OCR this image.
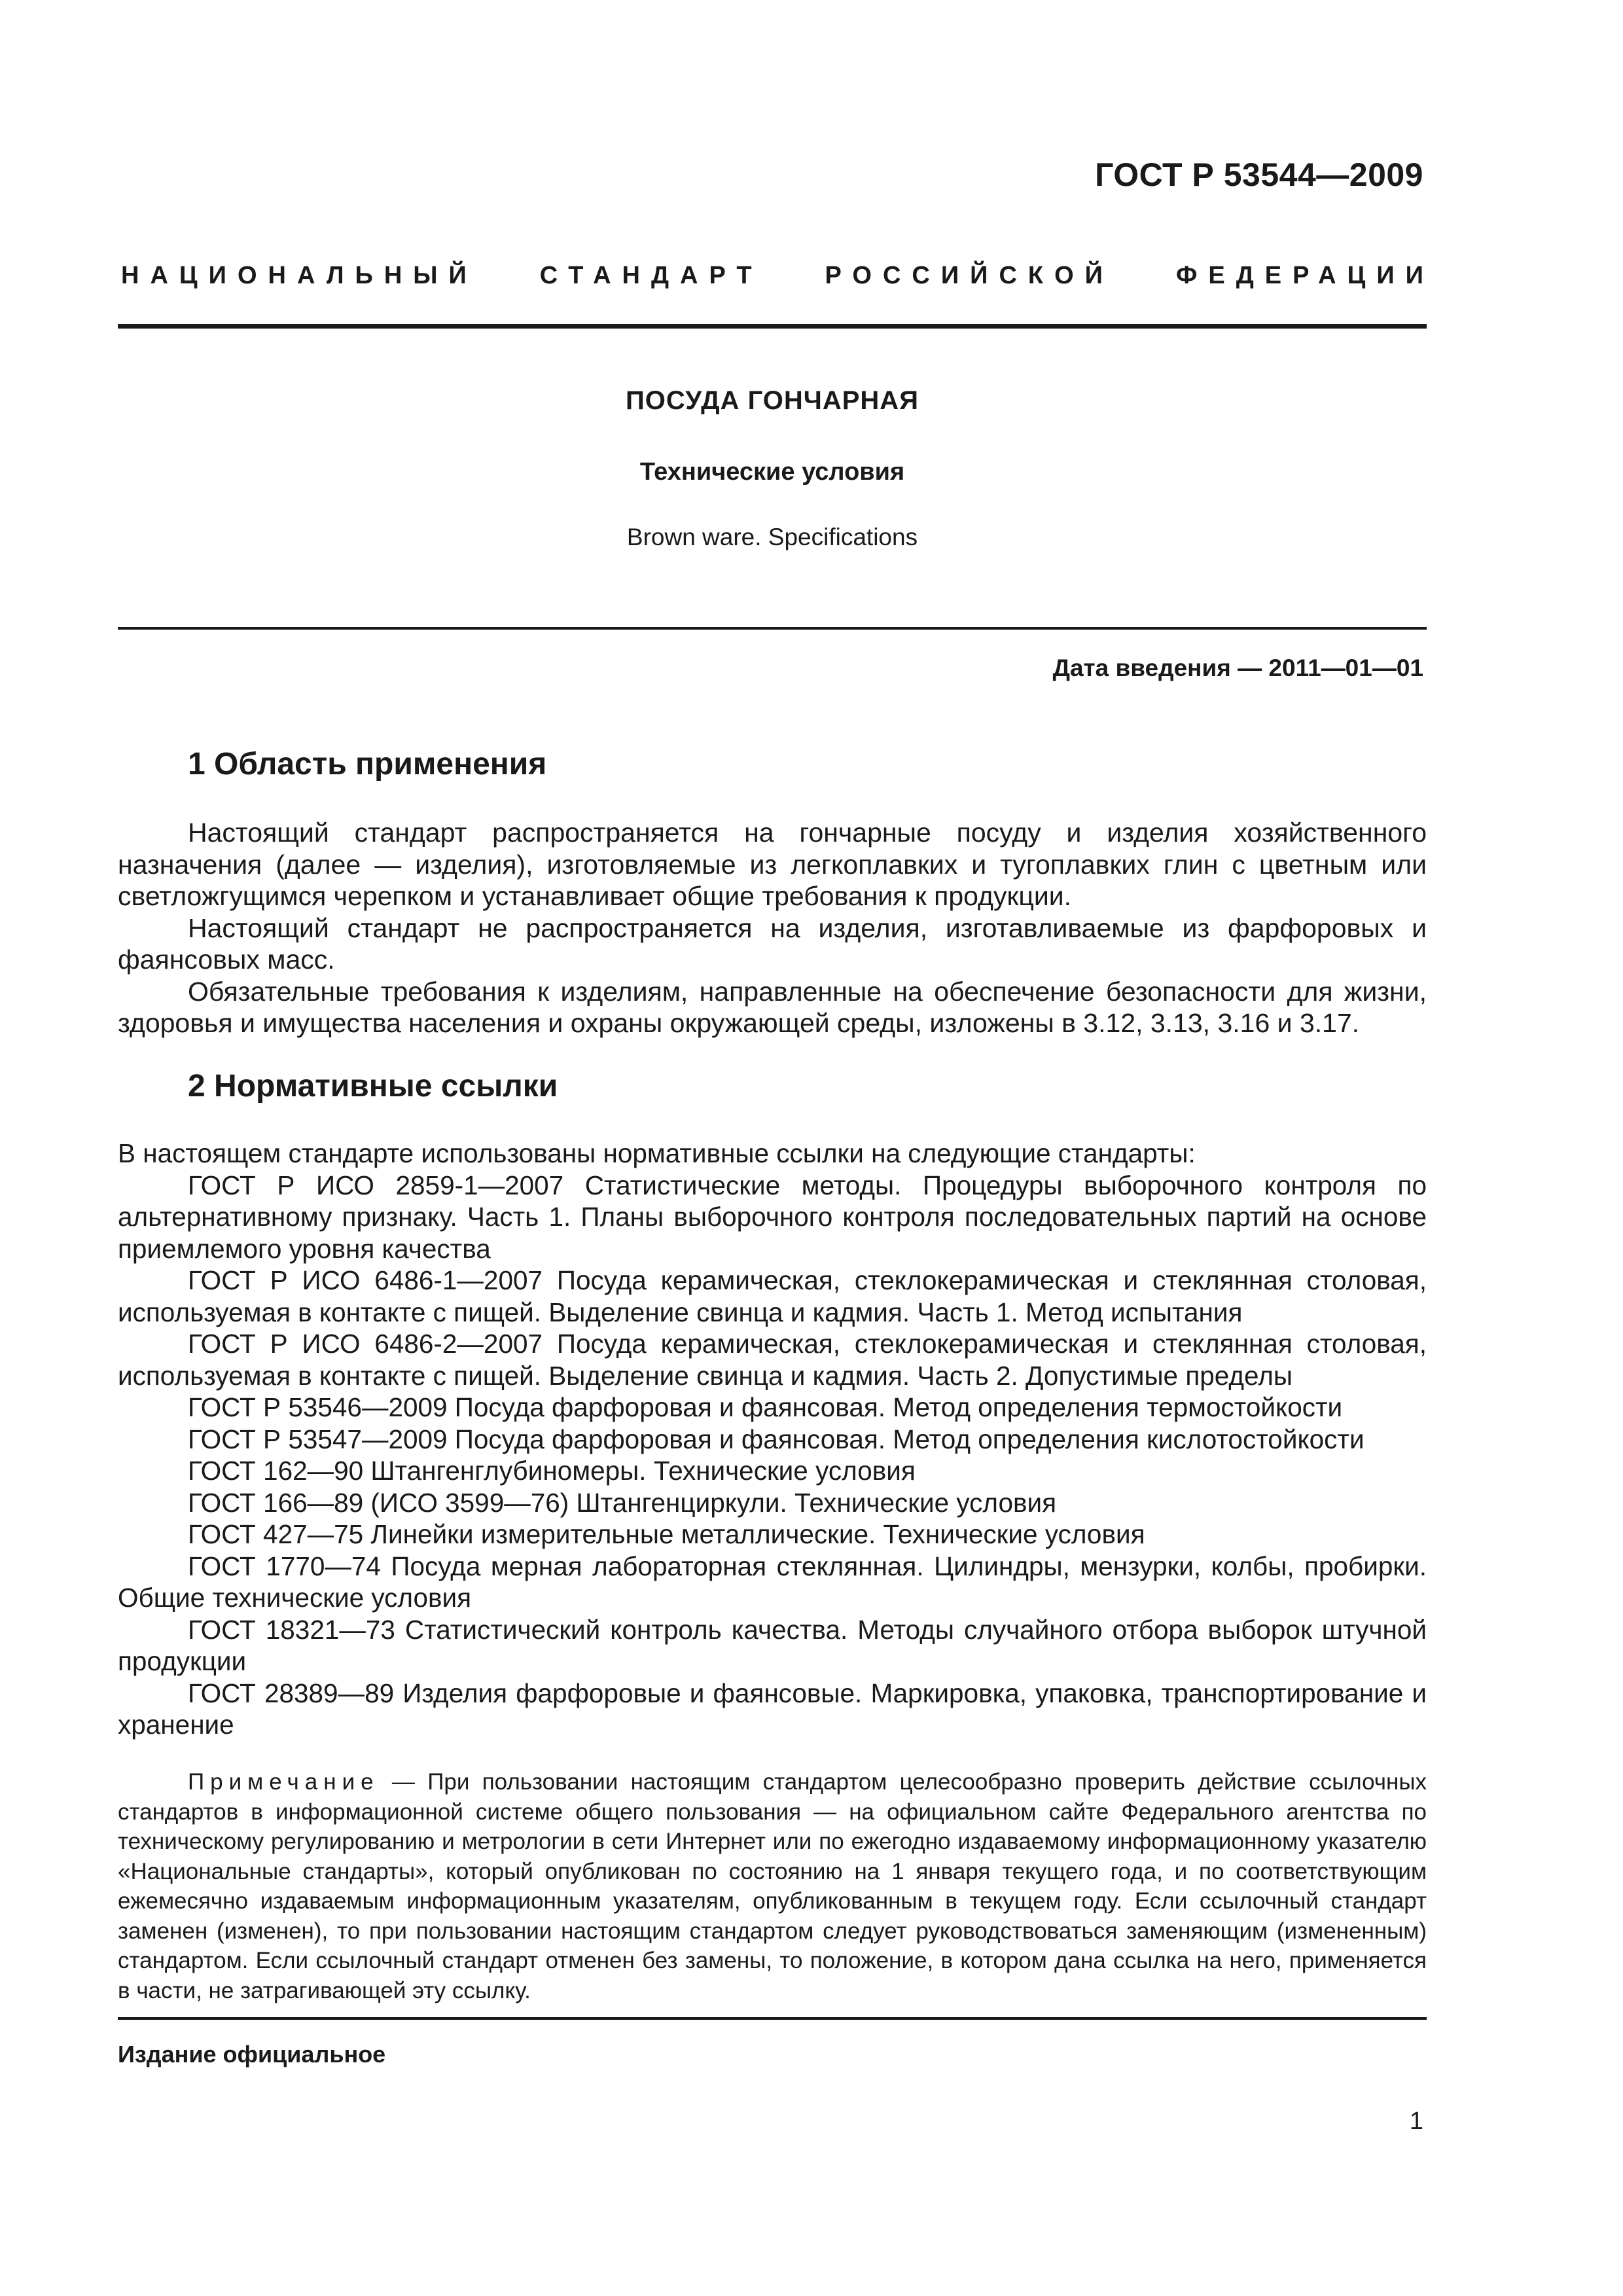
ГОСТ Р 53544—2009
НАЦИОНАЛЬНЫЙ СТАНДАРТ РОССИЙСКОЙ ФЕДЕРАЦИИ
ПОСУДА ГОНЧАРНАЯ
Технические условия
Brown ware. Specifications
Дата введения — 2011—01—01
1 Область применения

Настоящий стандарт распространяется на гончарные посуду и изделия хозяйственного назначения (далее — изделия), изготовляемые из легкоплавких и тугоплавких глин с цветным или светложгущимся черепком и устанавливает общие требования к продукции.

Настоящий стандарт не распространяется на изделия, изготавливаемые из фарфоровых и фаянсовых масс.

Обязательные требования к изделиям, направленные на обеспечение безопасности для жизни, здоровья и имущества населения и охраны окружающей среды, изложены в 3.12, 3.13, 3.16 и 3.17.

2 Нормативные ссылки

В настоящем стандарте использованы нормативные ссылки на следующие стандарты:

ГОСТ Р ИСО 2859-1—2007 Статистические методы. Процедуры выборочного контроля по альтернативному признаку. Часть 1. Планы выборочного контроля последовательных партий на основе приемлемого уровня качества

ГОСТ Р ИСО 6486-1—2007 Посуда керамическая, стеклокерамическая и стеклянная столовая, используемая в контакте с пищей. Выделение свинца и кадмия. Часть 1. Метод испытания

ГОСТ Р ИСО 6486-2—2007 Посуда керамическая, стеклокерамическая и стеклянная столовая, используемая в контакте с пищей. Выделение свинца и кадмия. Часть 2. Допустимые пределы

ГОСТ Р 53546—2009 Посуда фарфоровая и фаянсовая. Метод определения термостойкости

ГОСТ Р 53547—2009 Посуда фарфоровая и фаянсовая. Метод определения кислотостойкости

ГОСТ 162—90 Штангенглубиномеры. Технические условия

ГОСТ 166—89 (ИСО 3599—76) Штангенциркули. Технические условия

ГОСТ 427—75 Линейки измерительные металлические. Технические условия

ГОСТ 1770—74 Посуда мерная лабораторная стеклянная. Цилиндры, мензурки, колбы, пробирки. Общие технические условия

ГОСТ 18321—73 Статистический контроль качества. Методы случайного отбора выборок штучной продукции

ГОСТ 28389—89 Изделия фарфоровые и фаянсовые. Маркировка, упаковка, транспортирование и хранение

Примечание — При пользовании настоящим стандартом целесообразно проверить действие ссылочных стандартов в информационной системе общего пользования — на официальном сайте Федерального агентства по техническому регулированию и метрологии в сети Интернет или по ежегодно издаваемому информационному указателю «Национальные стандарты», который опубликован по состоянию на 1 января текущего года, и по соответствующим ежемесячно издаваемым информационным указателям, опубликованным в текущем году. Если ссылочный стандарт заменен (изменен), то при пользовании настоящим стандартом следует руководствоваться заменяющим (измененным) стандартом. Если ссылочный стандарт отменен без замены, то положение, в котором дана ссылка на него, применяется в части, не затрагивающей эту ссылку.

Издание официальное
1
